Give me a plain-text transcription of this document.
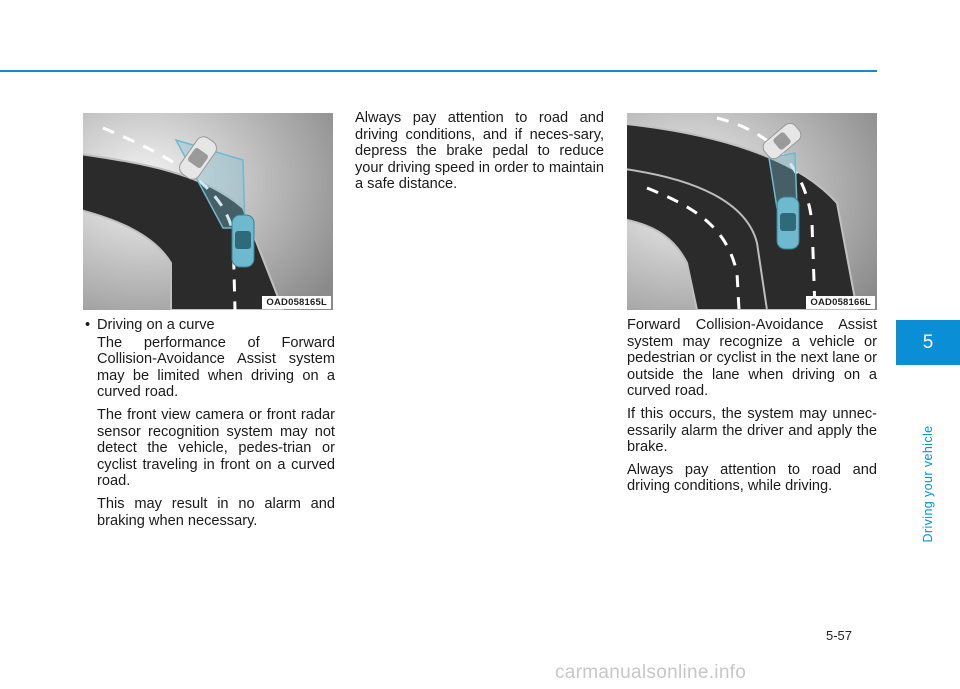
OAD058165L	OAD058166L

• Driving on a curve

The performance of Forward Collision-Avoidance Assist system may be limited when driving on a curved road.

The front view camera or front radar sensor recognition system may not detect the vehicle, pedes-trian or cyclist traveling in front on a curved road.

This may result in no alarm and braking when necessary.

Always pay attention to road and driving conditions, and if neces-sary, depress the brake pedal to reduce your driving speed in order to maintain a safe distance.

Forward Collision-Avoidance Assist system may recognize a vehicle or pedestrian or cyclist in the next lane or outside the lane when driving on a curved road.

If this occurs, the system may unnec-essarily alarm the driver and apply the brake.

Always pay attention to road and driving conditions, while driving.

5
Driving your vehicle
5-57
carmanualsonline.info
